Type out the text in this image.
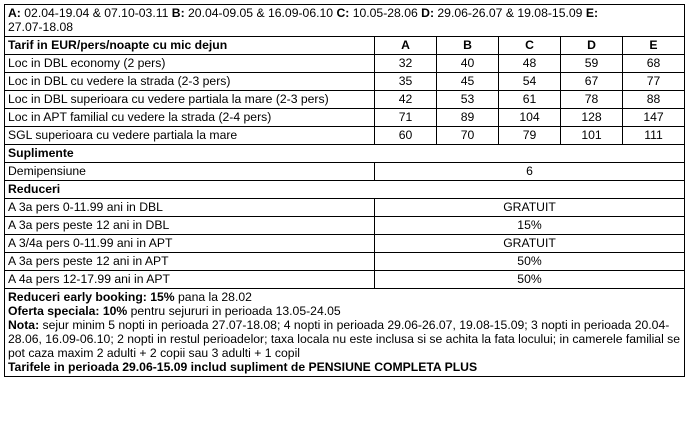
A: 02.04-19.04 & 07.10-03.11 B: 20.04-09.05 & 16.09-06.10 C: 10.05-28.06 D: 29.06-26.07 & 19.08-15.09 E:
27.07-18.08					
Tarif in EUR/pers/noapte cu mic dejun	A	B	C	D	E
Loc in DBL economy (2 pers)	32	40	48	59	68
Loc in DBL cu vedere la strada (2-3 pers)	35	45	54	67	77
Loc in DBL superioara cu vedere partiala la mare (2-3 pers)	42	53	61	78	88
Loc in APT familial cu vedere la strada (2-4 pers)	71	89	104	128	147
SGL superioara cu vedere partiala la mare	60	70	79	101	111
Suplimente					
Demipensiune	6				
Reduceri					
A 3a pers 0-11.99 ani in DBL	GRATUIT				
A 3a pers peste 12 ani in DBL	15%				
A 3/4a pers 0-11.99 ani in APT	GRATUIT				
A 3a pers peste 12 ani in APT	50%				
A 4a pers 12-17.99 ani in APT	50%				

Reduceri early booking: 15% pana la 28.02
Oferta speciala: 10% pentru sejururi in perioada 13.05-24.05
Nota: sejur minim 5 nopti in perioada 27.07-18.08; 4 nopti in perioada 29.06-26.07, 19.08-15.09; 3 nopti in perioada 20.04-28.06, 16.09-06.10; 2 nopti in restul perioadelor; taxa locala nu este inclusa si se achita la fata locului; in camerele familial se pot caza maxim 2 adulti + 2 copii sau 3 adulti + 1 copil
Tarifele in perioada 29.06-15.09 includ supliment de PENSIUNE COMPLETA PLUS					
